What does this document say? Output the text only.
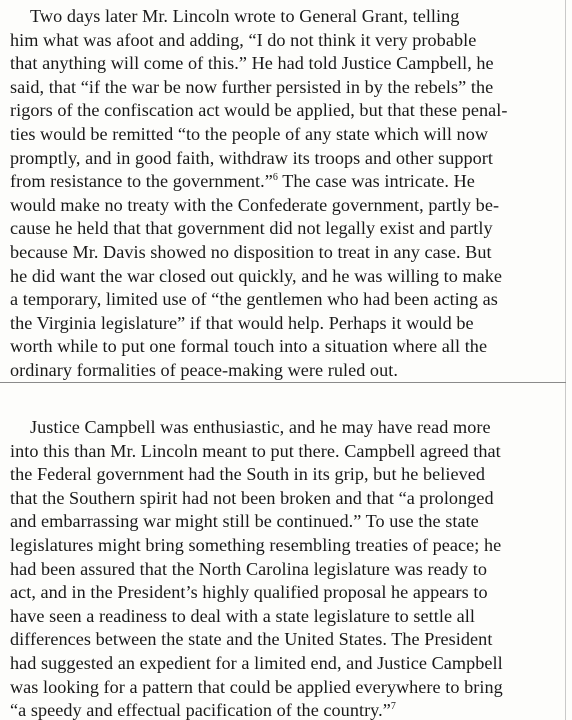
Two days later Mr. Lincoln wrote to General Grant, telling
him what was afoot and adding, “I do not think it very probable
that anything will come of this.” He had told Justice Campbell, he
said, that “if the war be now further persisted in by the rebels” the
rigors of the confiscation act would be applied, but that these penal-
ties would be remitted “to the people of any state which will now
promptly, and in good faith, withdraw its troops and other support
from resistance to the government.”$^6$ The case was intricate. He
would make no treaty with the Confederate government, partly be-
cause he held that that government did not legally exist and partly
because Mr. Davis showed no disposition to treat in any case. But
he did want the war closed out quickly, and he was willing to make
a temporary, limited use of “the gentlemen who had been acting as
the Virginia legislature” if that would help. Perhaps it would be
worth while to put one formal touch into a situation where all the
ordinary formalities of peace-making were ruled out.
Justice Campbell was enthusiastic, and he may have read more
into this than Mr. Lincoln meant to put there. Campbell agreed that
the Federal government had the South in its grip, but he believed
that the Southern spirit had not been broken and that “a prolonged
and embarrassing war might still be continued.” To use the state
legislatures might bring something resembling treaties of peace; he
had been assured that the North Carolina legislature was ready to
act, and in the President’s highly qualified proposal he appears to
have seen a readiness to deal with a state legislature to settle all
differences between the state and the United States. The President
had suggested an expedient for a limited end, and Justice Campbell
was looking for a pattern that could be applied everywhere to bring
“a speedy and effectual pacification of the country.”$^7$
